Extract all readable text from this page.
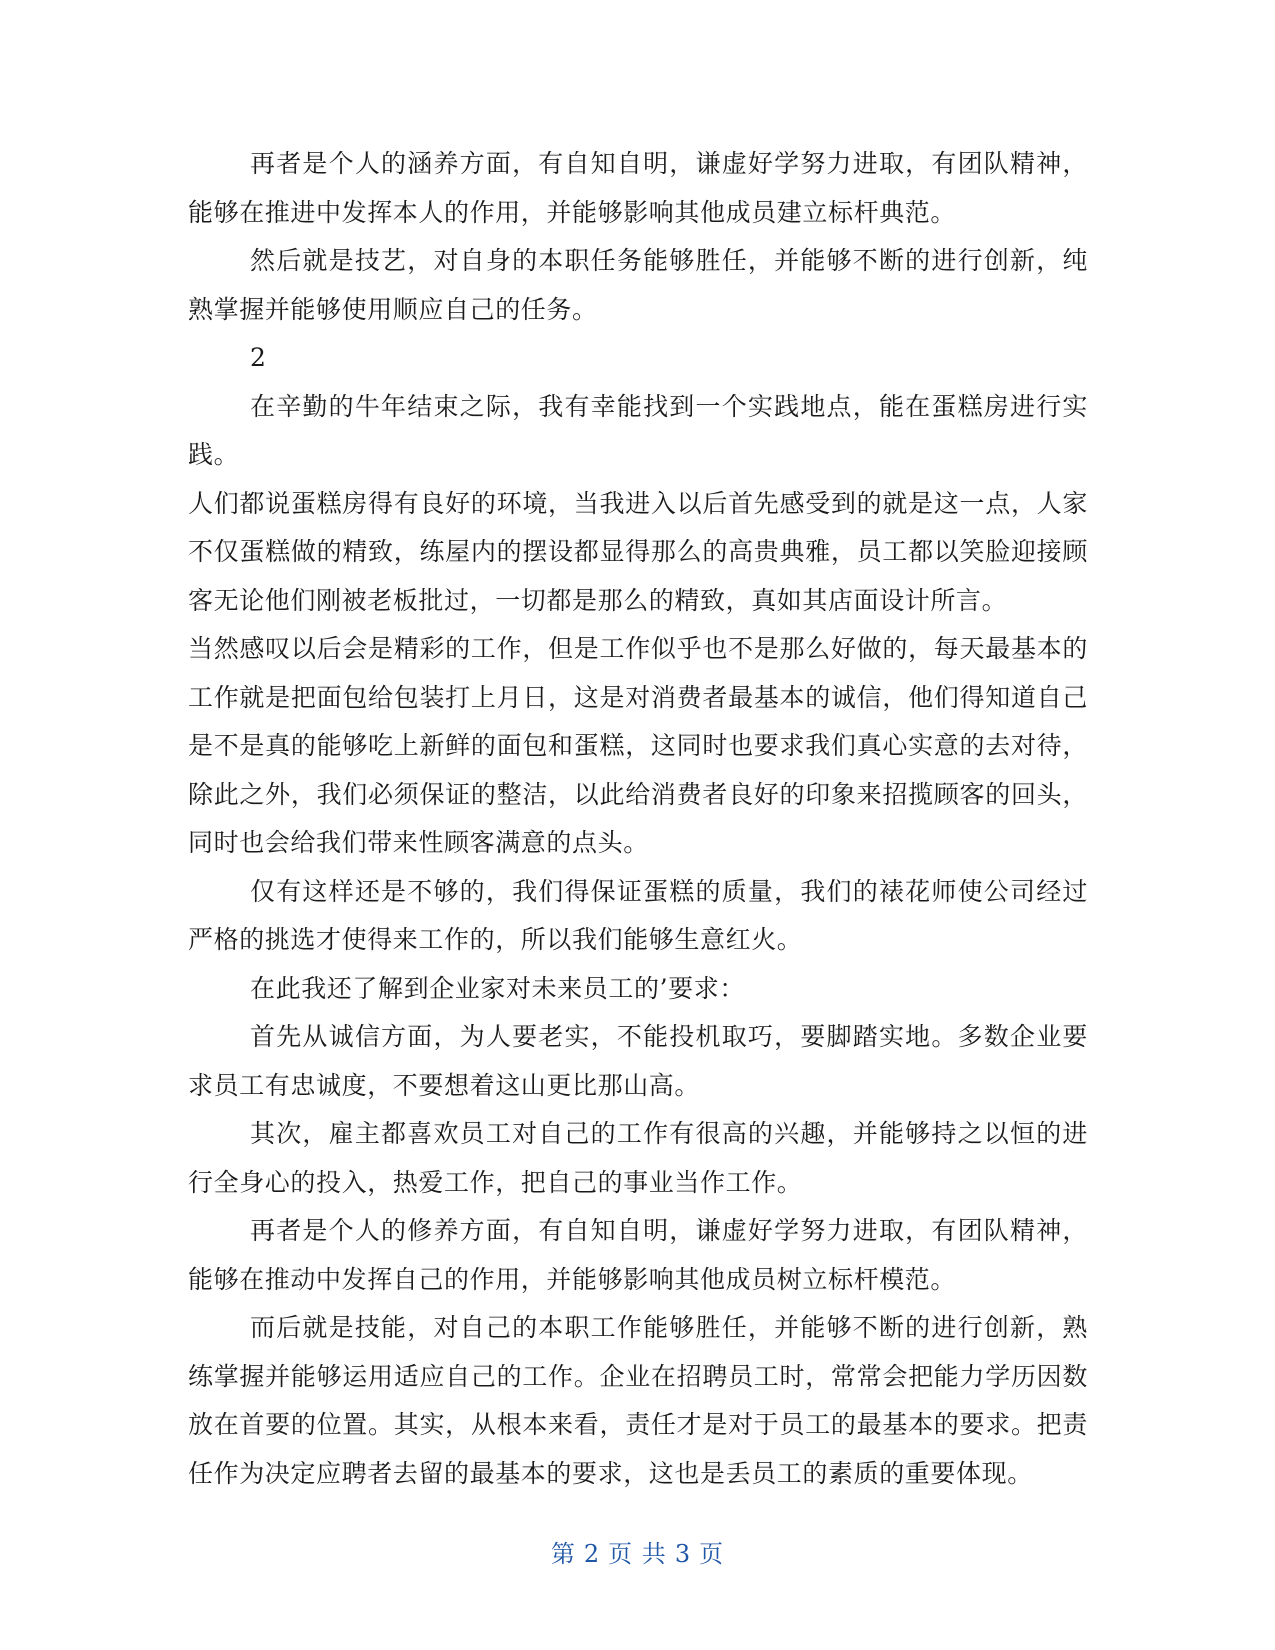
再者是个人的涵养方面，有自知自明，谦虚好学努力进取，有团队精神，能够在推进中发挥本人的作用，并能够影响其他成员建立标杆典范。

然后就是技艺，对自身的本职任务能够胜任，并能够不断的进行创新，纯熟掌握并能够使用顺应自己的任务。

2

在辛勤的牛年结束之际，我有幸能找到一个实践地点，能在蛋糕房进行实践。

人们都说蛋糕房得有良好的环境，当我进入以后首先感受到的就是这一点，人家不仅蛋糕做的精致，练屋内的摆设都显得那么的高贵典雅，员工都以笑脸迎接顾客无论他们刚被老板批过，一切都是那么的精致，真如其店面设计所言。

当然感叹以后会是精彩的工作，但是工作似乎也不是那么好做的，每天最基本的工作就是把面包给包装打上月日，这是对消费者最基本的诚信，他们得知道自己是不是真的能够吃上新鲜的面包和蛋糕，这同时也要求我们真心实意的去对待，除此之外，我们必须保证的整洁，以此给消费者良好的印象来招揽顾客的回头，同时也会给我们带来性顾客满意的点头。

仅有这样还是不够的，我们得保证蛋糕的质量，我们的裱花师使公司经过严格的挑选才使得来工作的，所以我们能够生意红火。

在此我还了解到企业家对未来员工的’要求：

首先从诚信方面，为人要老实，不能投机取巧，要脚踏实地。多数企业要求员工有忠诚度，不要想着这山更比那山高。

其次，雇主都喜欢员工对自己的工作有很高的兴趣，并能够持之以恒的进行全身心的投入，热爱工作，把自己的事业当作工作。

再者是个人的修养方面，有自知自明，谦虚好学努力进取，有团队精神，能够在推动中发挥自己的作用，并能够影响其他成员树立标杆模范。

而后就是技能，对自己的本职工作能够胜任，并能够不断的进行创新，熟练掌握并能够运用适应自己的工作。企业在招聘员工时，常常会把能力学历因数放在首要的位置。其实，从根本来看，责任才是对于员工的最基本的要求。把责任作为决定应聘者去留的最基本的要求，这也是丢员工的素质的重要体现。

第 2 页 共 3 页
